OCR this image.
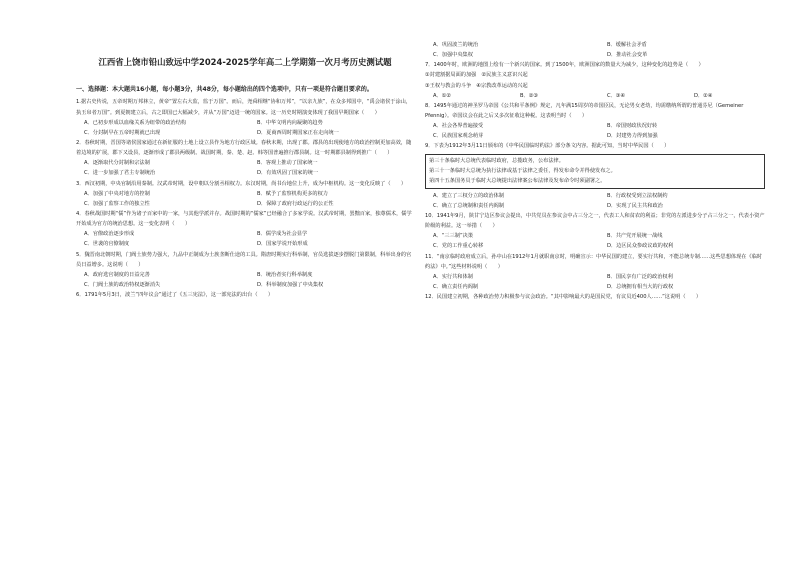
江西省上饶市铅山致远中学2024-2025学年高二上学期第一次月考历史测试题
一、选择题：本大题共16小题，每小题3分，共48分，每小题给出的四个选项中，只有一项是符合题目要求的。
1.据古史传说，五帝时期万邦林立，黄帝“置左右大监，监于万国”。而后，尧舜相继“协和万邦”，“以亲九族”，在众多邦国中，“禹会诸侯于涂山，执玉帛者万国”。到夏朝建立后，古之即国已大幅减少，并从“万国”迈进一统的国家。这一历史时期演变体现了我国早期国家（　　）
A．已初步形成以血缘关系为纽带的政治结构	B．中华文明内向凝聚的趋势
C．分封制早在五帝时期就已出现	D．夏商西周时期国家正在走向统一
2．春秋时期，晋国等诸侯国家通过在新征服的土地上设立县作为地方行政区域。春秋末期，出现了郡。郡县的出现使地方的政治控制更加高效，随着边境的扩展，郡下又设县，逐渐形成了郡县两级制。战国时期，秦、楚、赵、韩等国普遍推行郡县制。这一时期郡县制得到推广（　　）
A．逐渐取代分封制和宗法制	B．客观上推动了国家统一
C．进一步加强了君主专制统治	D．有效巩固了国家的统一
3．西汉初期，中央官制沿用秦制。汉武帝时期，设中朝以分割丞相权力。东汉时期，尚书台地位上升，成为中枢机构。这一变化反映了（　　）
A．加强了中央对地方的控制	B．赋予了监察机构更多的权力
C．加强了监察工作的独立性	D．保障了政府行政运行的公正性
4．春秋战国时期“儒”作为诸子百家中的一家，与其他学派并存。战国时期的“儒家”已经融合了多家学说。汉武帝时期，罢黜百家，独尊儒术，儒学开始成为官方的统治思想。这一变化表明（　　）
A．官僚政治逐步形成	B．儒学成为社会显学
C．世袭的官僚制度	D．国家学说开始形成
5．魏晋南北朝时期，门阀士族势力强大，九品中正制成为士族垄断仕途的工具。隋唐时期实行科举制，官员选拔逐步摆脱门第限制，科举出身的官员日益增多。这说明（　　）
A．政府选官制度的日益完善	B．统治者实行科举制度
C．门阀士族的政治特权逐渐消失	D．科举制度加强了中央集权
6．1791年5月3日，波兰“四年议会”通过了《五三宪法》，这一部宪法的出台（　　）
A．巩固波兰的统治	B．缓解社会矛盾
C．加强中央集权	D．推动社会变革
7．1400年时，欧洲的地图上绘有一个新兴的国家。到了1500年，欧洲国家的数量大为减少，这种变化的趋势是（　　）
①封建割据局面的加强　②民族主义意识兴起
③王权与教会的斗争　④宗教改革运动的兴起
A．①②	B．②③	C．③④	D．②④
8．1495年通过的神圣罗马帝国《公共和平条例》规定，凡年满15周岁的帝国臣民，无论男女老幼，均需缴纳所谓的普通芬尼（Gemeiner Pfennig）。帝国议会在此之后又多次征收这种税。这表明当时（　　）
A．社会各界普遍接受	B．帝国财政状况好转
C．民族国家观念萌芽	D．封建势力得到加强
9．下表为1912年3月11日颁布的《中华民国临时约法》部分条文内容。据此可知，当时中华民国（　　）
第三十条临时大总统代表临时政府，总揽政务，公布法律。
第三十一条临时大总统为执行法律或基于法律之委任，得发布命令并得使发布之。
第四十五条国务员于临时大总统提出法律案公布法律及发布命令时须副署之。
A．建立了三权分立的政治体制	B．行政权受到立法权制约
C．确立了总统制和责任内阁制	D．实现了民主共和政治
10．1941年9月，陕甘宁边区参议会提出，中共党员在参议会中占三分之一，代表工人和贫农的利益；非党的左派进步分子占三分之一，代表小资产阶级的利益。这一举措（　　）
A．“三三制”决策	B．共产党开展统一战线
C．党的工作重心转移	D．边区民众参政议政的权利
11．“南京临时政府成立后，孙中山在1912年1月就职南京时，明确宣示：中华民国的建立，要实行共和，不能总统专制……这些思想体现在《临时约法》中。”这些材料说明（　　）
A．实行共和体制	B．国民享有广泛的政治权利
C．确立责任内阁制	D．总统拥有相当大的行政权
12．民国建立初期，各种政治势力积极参与议会政治。“其中影响最大的是国民党，有议员近400人……”这说明（　　）
